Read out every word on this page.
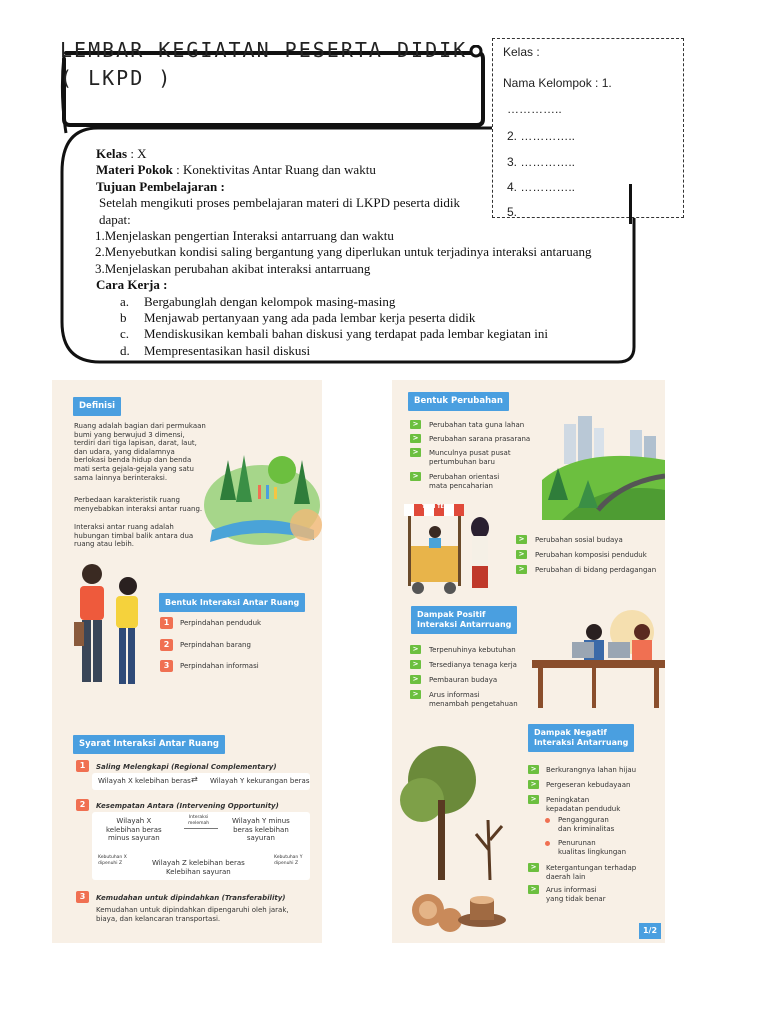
LEMBAR KEGIATAN PESERTA DIDIK
( LKPD )
Kelas : X
Materi Pokok : Konektivitas Antar Ruang dan waktu
Tujuan Pembelajaran :
Setelah mengikuti proses pembelajaran materi di LKPD peserta didik
dapat:
1.Menjelaskan pengertian Interaksi antarruang dan waktu
2.Menyebutkan kondisi saling bergantung yang diperlukan untuk terjadinya interaksi antaruang
3.Menjelaskan perubahan akibat interaksi antarruang
Cara Kerja :
a. Bergabunglah dengan kelompok masing-masing
b Menjawab pertanyaan yang ada pada lembar kerja peserta didik
c. Mendiskusikan kembali bahan diskusi yang terdapat pada lembar kegiatan ini
d. Mempresentasikan hasil diskusi
Kelas :
Nama Kelompok : 1.
…………..
2. …………..
3. …………..
4. …………..
5.
Definisi
Ruang adalah bagian dari permukaan
bumi yang berwujud 3 dimensi,
terdiri dari tiga lapisan, darat, laut,
dan udara, yang didalamnya
berlokasi benda hidup dan benda
mati serta gejala-gejala yang satu
sama lainnya berinteraksi.
Perbedaan karakteristik ruang
menyebabkan interaksi antar ruang.
Interaksi antar ruang adalah
hubungan timbal balik antara dua
ruang atau lebih.
Bentuk Interaksi Antar Ruang
1	Perpindahan penduduk
2	Perpindahan barang
3	Perpindahan informasi
Syarat Interaksi Antar Ruang
1	Saling Melengkapi (Regional Complementary)
Wilayah X kelebihan beras ⇄ Wilayah Y kekurangan beras
2	Kesempatan Antara (Intervening Opportunity)
Wilayah X
kelebihan beras
minus sayuran
Interaksi
melemah	Wilayah Y minus
beras kelebihan
sayuran
Kebutuhan X
dipenuhi Z	Wilayah Z kelebihan beras
Kelebihan sayuran
Kebutuhan Y
dipenuhi Z
3	Kemudahan untuk dipindahkan (Transferability)
Kemudahan untuk dipindahkan dipengaruhi oleh jarak,
biaya, dan kelancaran transportasi.
Bentuk Perubahan
>	Perubahan tata guna lahan
>	Perubahan sarana prasarana
>	Munculnya pusat pusat
pertumbuhan baru
>	Perubahan orientasi
mata pencaharian
THAI TEA
>	Perubahan sosial budaya
>	Perubahan komposisi penduduk
>	Perubahan di bidang perdagangan
Dampak Positif
Interaksi Antarruang
>	Terpenuhinya kebutuhan
>	Tersedianya tenaga kerja
>	Pembauran budaya
>	Arus informasi
menambah pengetahuan
Dampak Negatif
Interaksi Antarruang
>	Berkurangnya lahan hijau
>	Pergeseran kebudayaan
>	Peningkatan
kepadatan penduduk
Pengangguran
dan kriminalitas
Penurunan
kualitas lingkungan
>	Ketergantungan terhadap
daerah lain
>	Arus informasi
yang tidak benar
1/2
